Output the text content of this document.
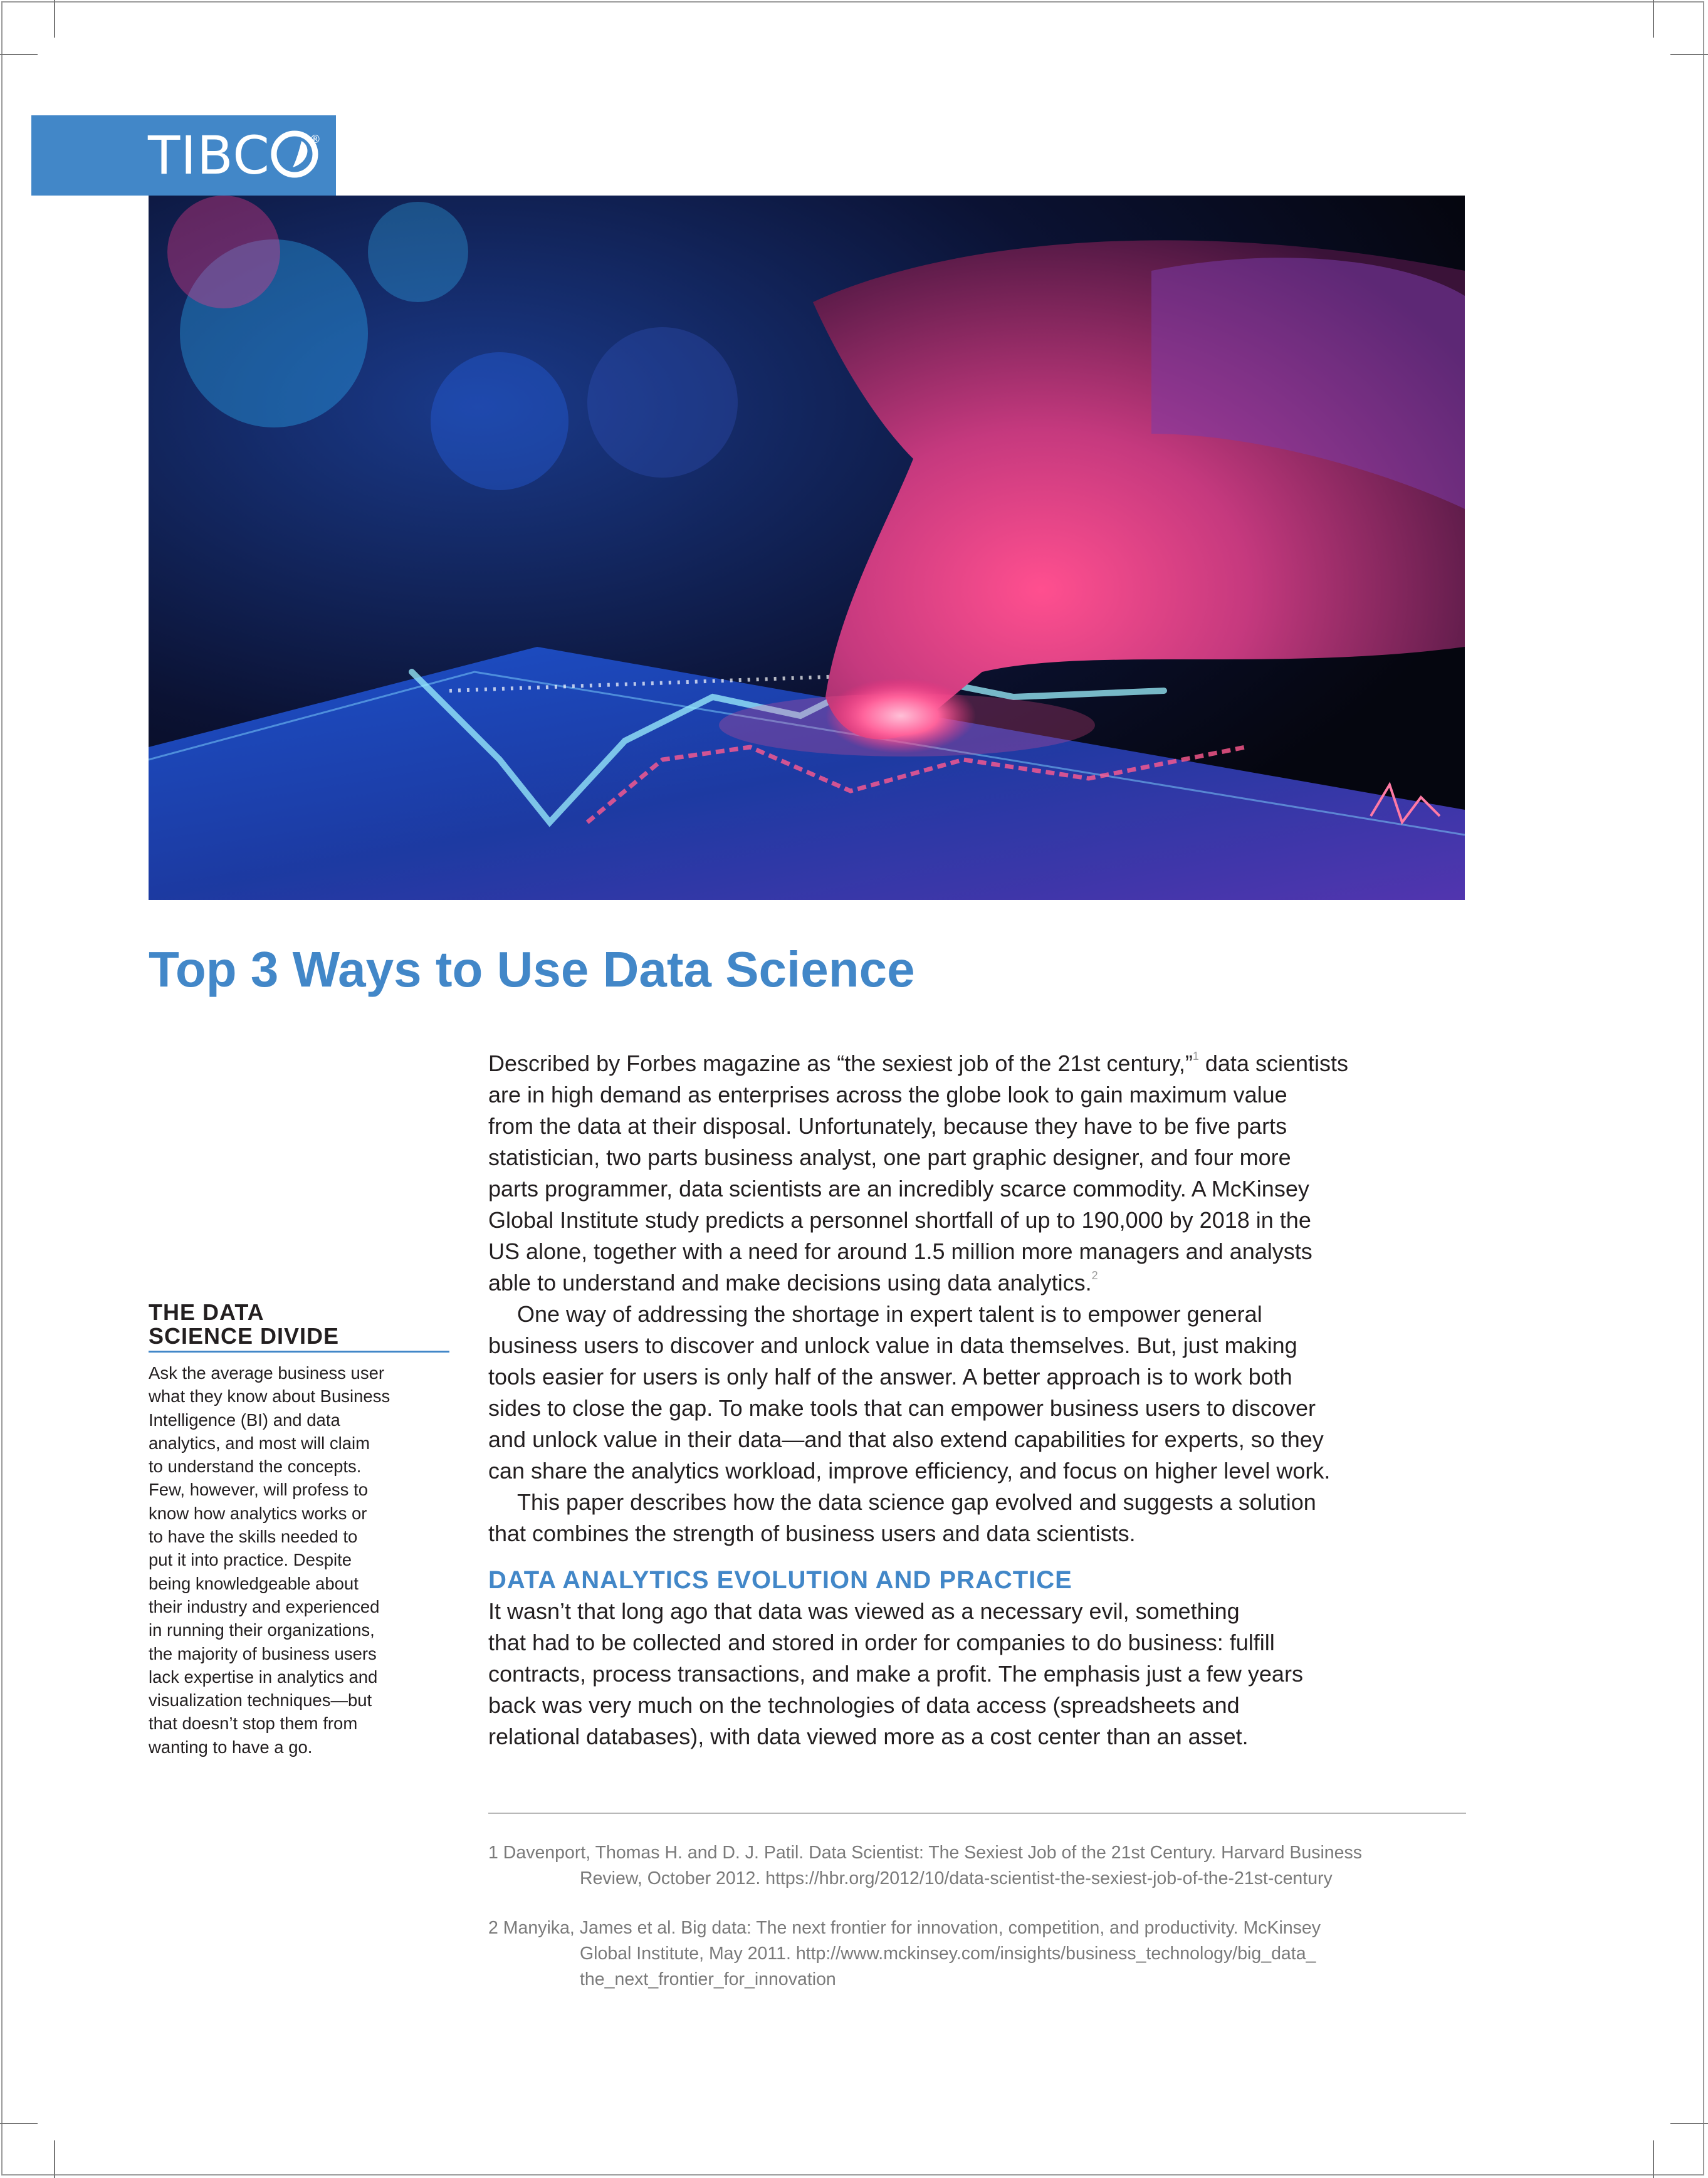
TIBC	®
Top 3 Ways to Use Data Science
THE DATA
SCIENCE DIVIDE

Ask the average business user
what they know about Business
Intelligence (BI) and data
analytics, and most will claim
to understand the concepts.
Few, however, will profess to
know how analytics works or
to have the skills needed to
put it into practice. Despite
being knowledgeable about
their industry and experienced
in running their organizations,
the majority of business users
lack expertise in analytics and
visualization techniques—but
that doesn’t stop them from
wanting to have a go.

Described by Forbes magazine as “the sexiest job of the 21st century,”$^1$ data scientists
are in high demand as enterprises across the globe look to gain maximum value
from the data at their disposal. Unfortunately, because they have to be five parts
statistician, two parts business analyst, one part graphic designer, and four more
parts programmer, data scientists are an incredibly scarce commodity. A McKinsey
Global Institute study predicts a personnel shortfall of up to 190,000 by 2018 in the
US alone, together with a need for around 1.5 million more managers and analysts
able to understand and make decisions using data analytics.$^2$

One way of addressing the shortage in expert talent is to empower general
business users to discover and unlock value in data themselves. But, just making
tools easier for users is only half of the answer. A better approach is to work both
sides to close the gap. To make tools that can empower business users to discover
and unlock value in their data—and that also extend capabilities for experts, so they
can share the analytics workload, improve efficiency, and focus on higher level work.

This paper describes how the data science gap evolved and suggests a solution
that combines the strength of business users and data scientists.

DATA ANALYTICS EVOLUTION AND PRACTICE

It wasn’t that long ago that data was viewed as a necessary evil, something
that had to be collected and stored in order for companies to do business: fulfill
contracts, process transactions, and make a profit. The emphasis just a few years
back was very much on the technologies of data access (spreadsheets and
relational databases), with data viewed more as a cost center than an asset.

1 Davenport, Thomas H. and D. J. Patil. Data Scientist: The Sexiest Job of the 21st Century. Harvard Business
Review, October 2012. https://hbr.org/2012/10/data-scientist-the-sexiest-job-of-the-21st-century

2 Manyika, James et al. Big data: The next frontier for innovation, competition, and productivity. McKinsey
Global Institute, May 2011. http://www.mckinsey.com/insights/business_technology/big_data_
the_next_frontier_for_innovation
